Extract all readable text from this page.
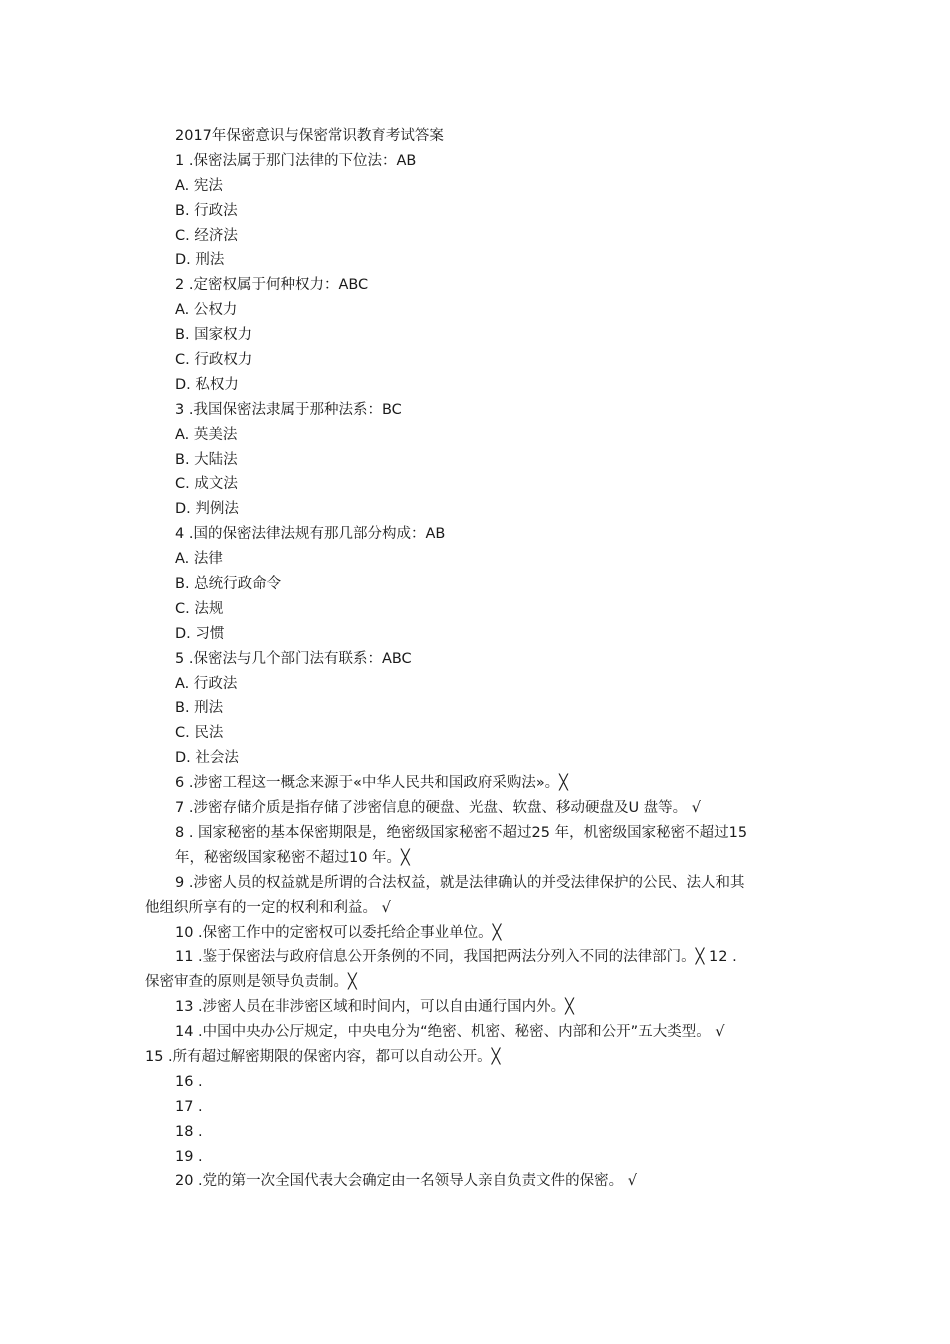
2017年保密意识与保密常识教育考试答案
1 .保密法属于那门法律的下位法：AB
A. 宪法
B. 行政法
C. 经济法
D. 刑法
2 .定密权属于何种权力：ABC
A. 公权力
B. 国家权力
C. 行政权力
D. 私权力
3 .我国保密法隶属于那种法系：BC
A. 英美法
B. 大陆法
C. 成文法
D. 判例法
4 .国的保密法律法规有那几部分构成：AB
A. 法律
B. 总统行政命令
C. 法规
D. 习惯
5 .保密法与几个部门法有联系：ABC
A. 行政法
B. 刑法
C. 民法
D. 社会法
6 .涉密工程这一概念来源于«中华人民共和国政府采购法»。╳
7 .涉密存储介质是指存储了涉密信息的硬盘、光盘、软盘、移动硬盘及U 盘等。 √
8 . 国家秘密的基本保密期限是，绝密级国家秘密不超过25 年，机密级国家秘密不超过15
年，秘密级国家秘密不超过10 年。╳
9 .涉密人员的权益就是所谓的合法权益，就是法律确认的并受法律保护的公民、法人和其
他组织所享有的一定的权利和利益。 √
10 .保密工作中的定密权可以委托给企事业单位。╳
11 .鉴于保密法与政府信息公开条例的不同，我国把两法分列入不同的法律部门。╳ 12 .
保密审查的原则是领导负责制。╳
13 .涉密人员在非涉密区域和时间内，可以自由通行国内外。╳
14 .中国中央办公厅规定，中央电分为“绝密、机密、秘密、内部和公开”五大类型。 √
15 .所有超过解密期限的保密内容，都可以自动公开。╳
16 .
17 .
18 .
19 .
20 .党的第一次全国代表大会确定由一名领导人亲自负责文件的保密。 √
